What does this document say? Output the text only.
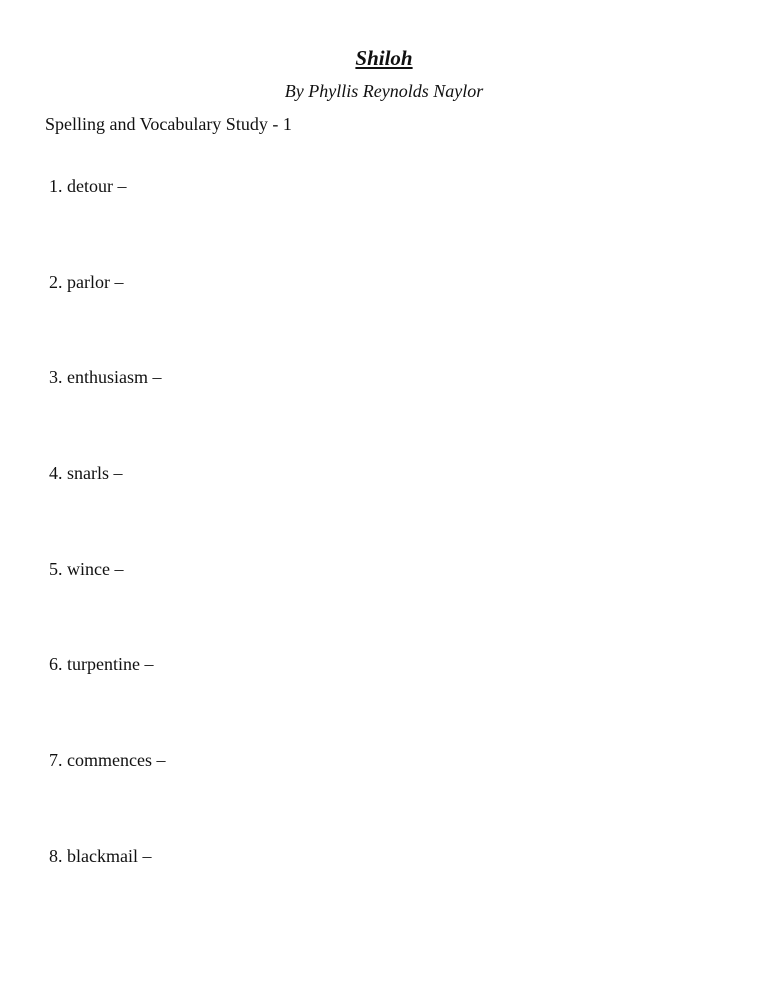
Shiloh
By Phyllis Reynolds Naylor
Spelling and Vocabulary Study - 1
1. detour –
2. parlor –
3. enthusiasm –
4. snarls –
5. wince –
6. turpentine –
7. commences –
8. blackmail –
